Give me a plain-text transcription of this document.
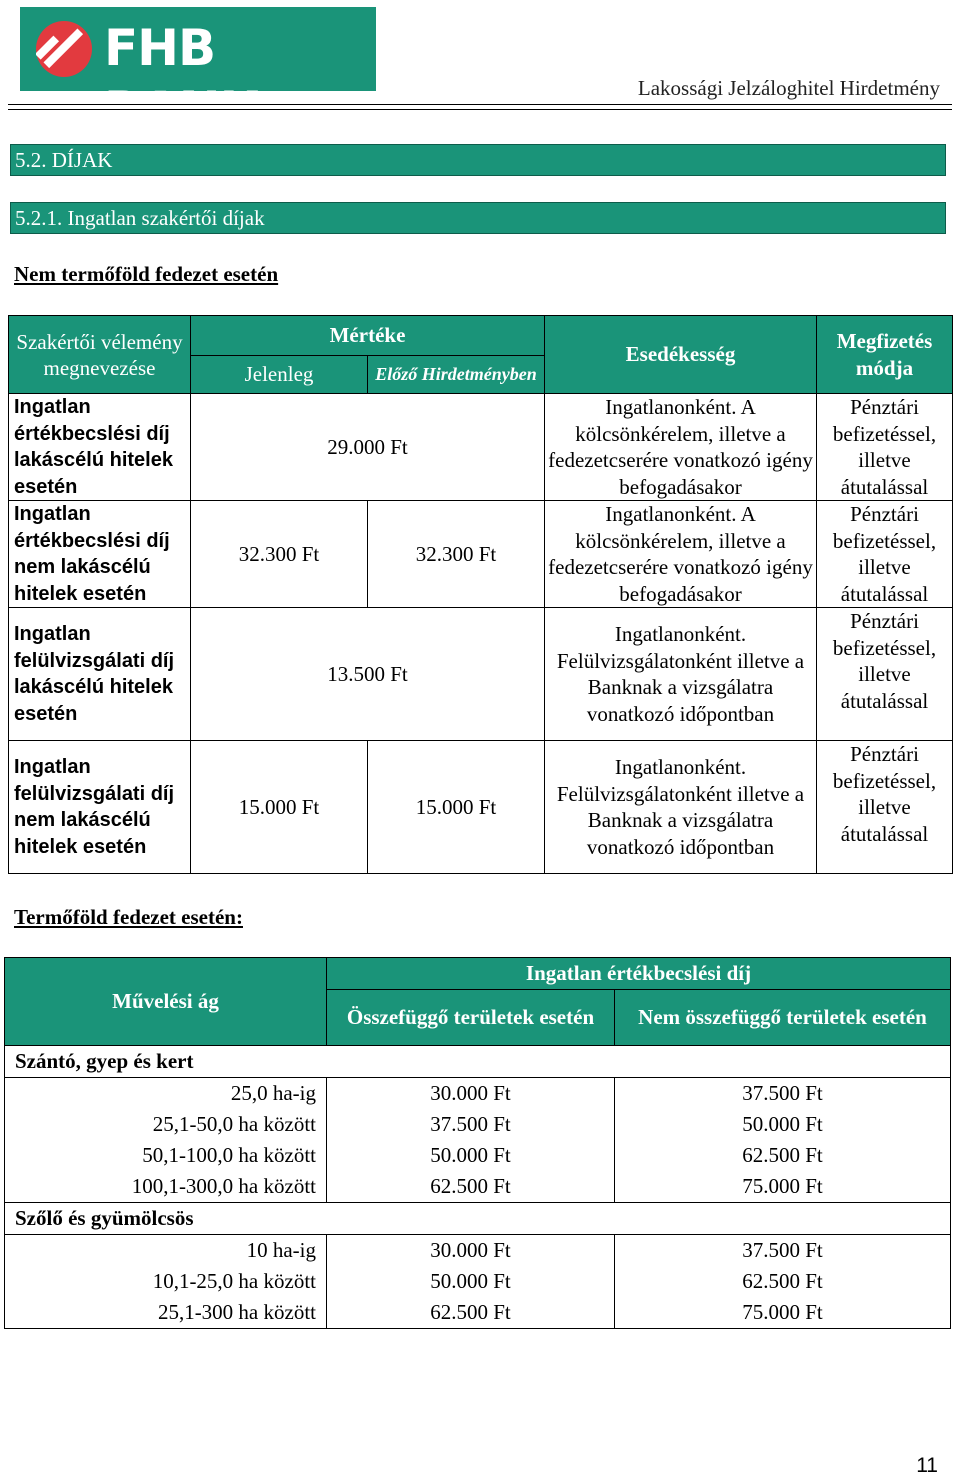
FHB BANK	Lakossági Jelzáloghitel Hirdetmény
5.2. DÍJAK
5.2.1. Ingatlan szakértői díjak
Nem termőföld fedezet esetén
Szakértői vélemény megnevezése	Mértéke		Esedékesség	Megfizetés módja
	Jelenleg	Előző Hirdetményben		
Ingatlan értékbecslési díj lakáscélú hitelek esetén	29.000 Ft		Ingatlanonként. A kölcsönkérelem, illetve a fedezetcserére vonatkozó igény befogadásakor	Pénztári befizetéssel, illetve átutalással
Ingatlan értékbecslési díj nem lakáscélú hitelek esetén	32.300 Ft	32.300 Ft	Ingatlanonként. A kölcsönkérelem, illetve a fedezetcserére vonatkozó igény befogadásakor	Pénztári befizetéssel, illetve átutalással
Ingatlan felülvizsgálati díj lakáscélú hitelek esetén	13.500 Ft		Ingatlanonként. Felülvizsgálatonként illetve a Banknak a vizsgálatra vonatkozó időpontban	Pénztári befizetéssel, illetve átutalással
Ingatlan felülvizsgálati díj nem lakáscélú hitelek esetén	15.000 Ft	15.000 Ft	Ingatlanonként. Felülvizsgálatonként illetve a Banknak a vizsgálatra vonatkozó időpontban	Pénztári befizetéssel, illetve átutalással
Termőföld fedezet esetén:
Művelési ág	Ingatlan értékbecslési díj	
	Összefüggő területek esetén	Nem összefüggő területek esetén
Szántó, gyep és kert		
25,0 ha-ig	30.000 Ft	37.500 Ft
25,1-50,0 ha között	37.500 Ft	50.000 Ft
50,1-100,0 ha között	50.000 Ft	62.500 Ft
100,1-300,0 ha között	62.500 Ft	75.000 Ft
Szőlő és gyümölcsös		
10 ha-ig	30.000 Ft	37.500 Ft
10,1-25,0 ha között	50.000 Ft	62.500 Ft
25,1-300 ha között	62.500 Ft	75.000 Ft
11
